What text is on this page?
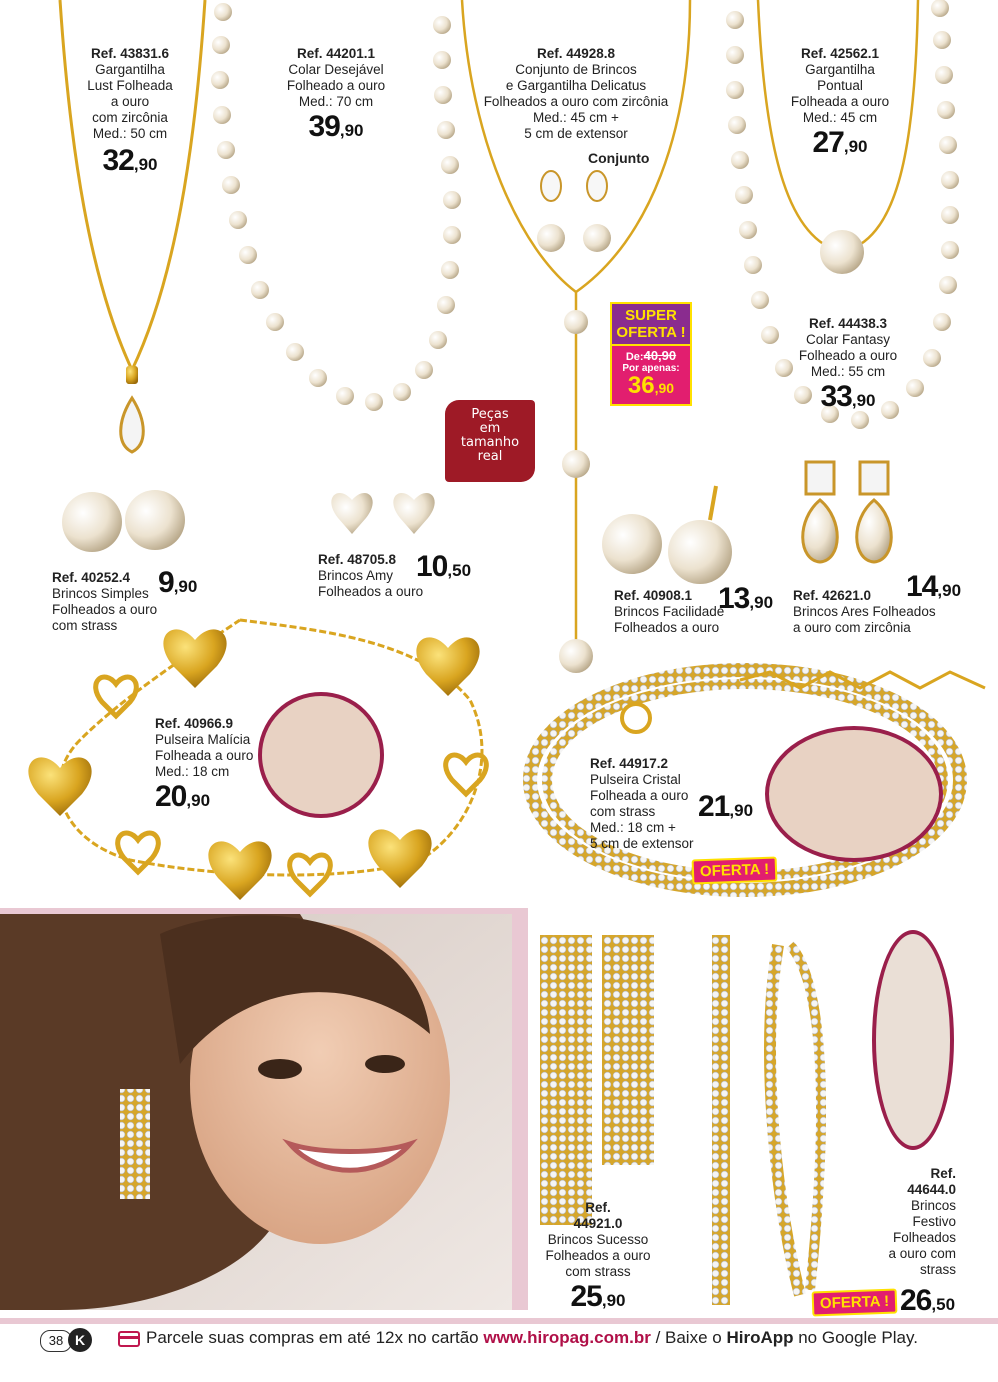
Peças
em
tamanho
real
SUPER
OFERTA !
De:40,90
Por apenas:
36,90
OFERTA !
OFERTA !
Ref. 43831.6
Gargantilha
Lust Folheada
a ouro
com zircônia
Med.: 50 cm
32,90
Ref. 44201.1
Colar Desejável
Folheado a ouro
Med.: 70 cm
39,90
Ref. 44928.8
Conjunto de Brincos
e Gargantilha Delicatus
Folheados a ouro com zircônia
Med.: 45 cm +
5 cm de extensor
Conjunto
Ref. 42562.1
Gargantilha
Pontual
Folheada a ouro
Med.: 45 cm
27,90
Ref. 44438.3
Colar Fantasy
Folheado a ouro
Med.: 55 cm
33,90
Ref. 40252.4
Brincos Simples
Folheados a ouro
com strass
9,90
Ref. 48705.8
Brincos Amy
Folheados a ouro
10,50
Ref. 40908.1
Brincos Facilidade
Folheados a ouro
13,90 Ref. 42621.0
Brincos Ares Folheados
a ouro com zircônia
14,90
Ref. 40966.9
Pulseira Malícia
Folheada a ouro
Med.: 18 cm
20,90
Ref. 44917.2
Pulseira Cristal
Folheada a ouro
com strass
Med.: 18 cm +
5 cm de extensor
21,90
Ref.
44921.0
Brincos Sucesso
Folheados a ouro
com strass
25,90
Ref.
44644.0
Brincos
Festivo
Folheados
a ouro com
strass
26,50
38 K	Parcele suas compras em até 12x no cartão www.hiropag.com.br / Baixe o HiroApp no Google Play.
